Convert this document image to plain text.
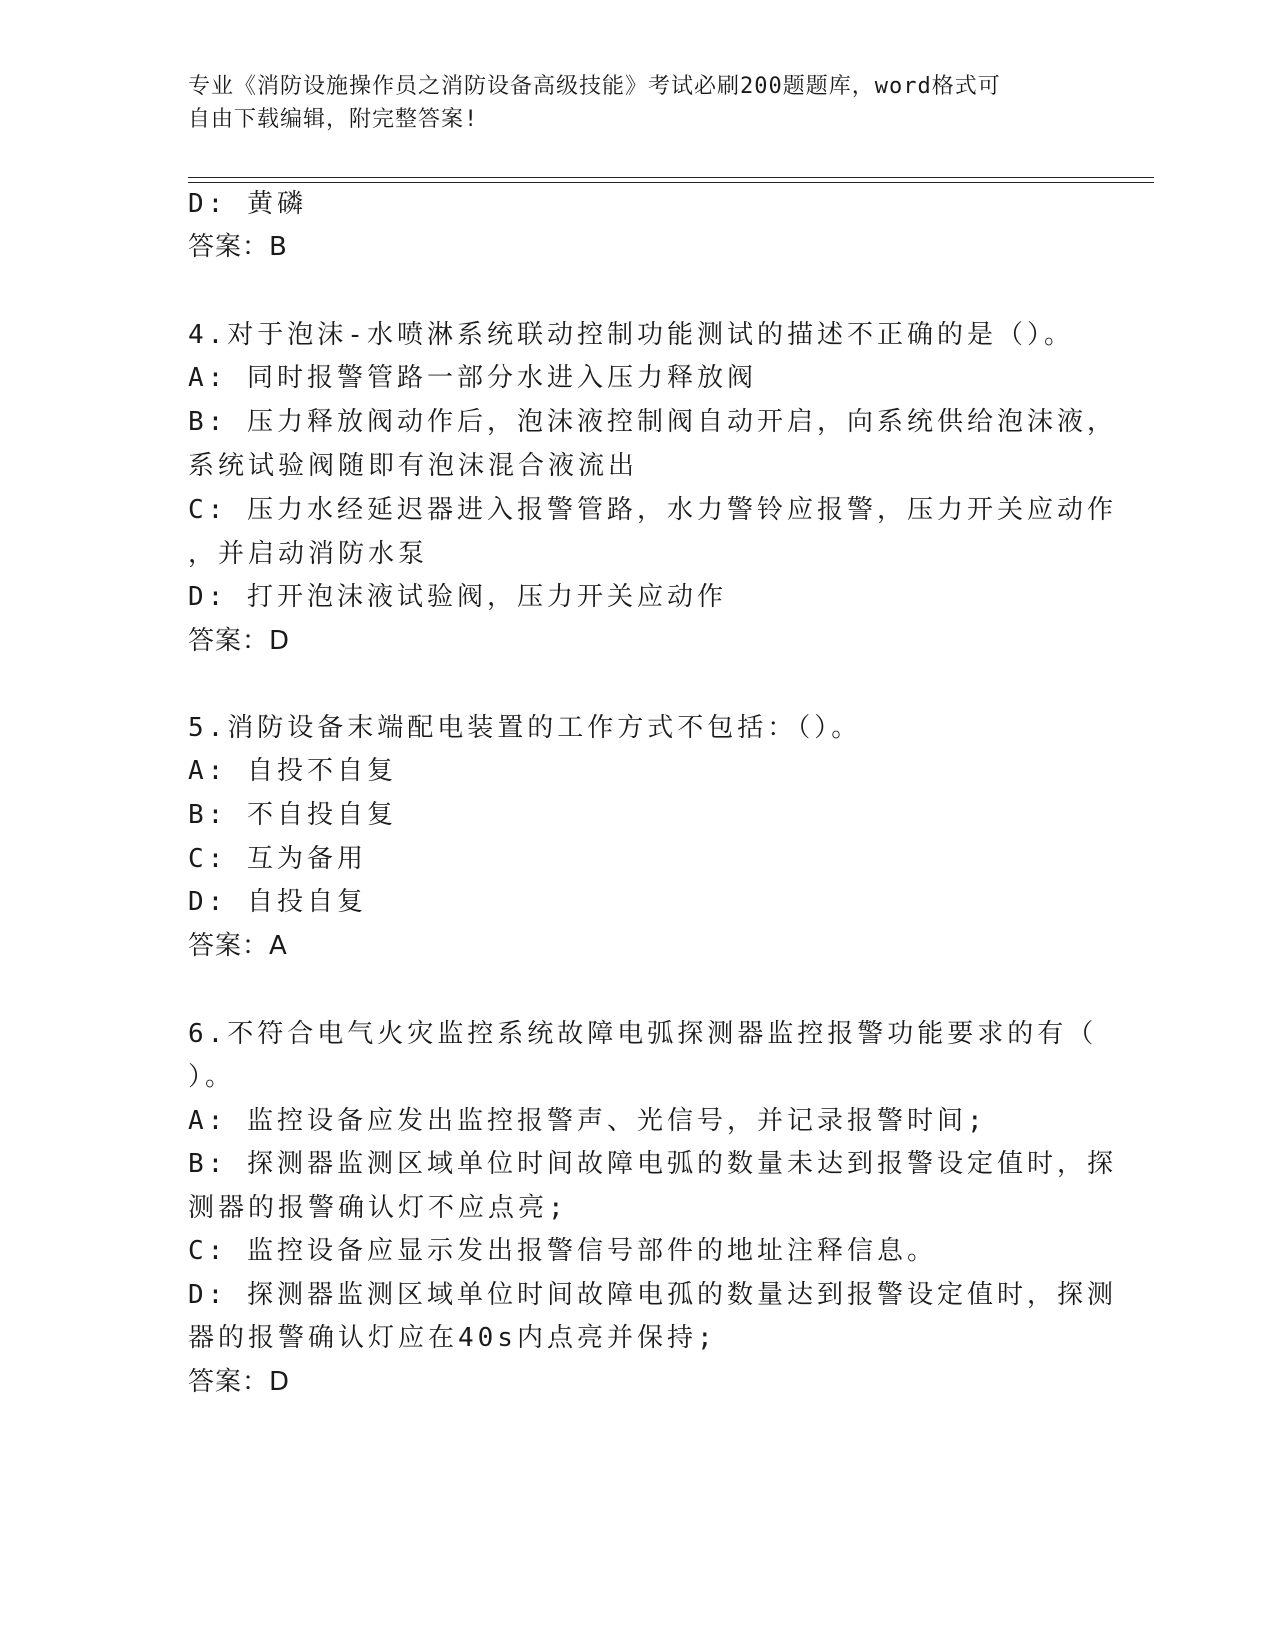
专业《消防设施操作员之消防设备高级技能》考试必刷200题题库，word格式可
自由下载编辑，附完整答案!
D: 黄磷
答案：B
4.对于泡沫-水喷淋系统联动控制功能测试的描述不正确的是（）。
A: 同时报警管路一部分水进入压力释放阀
B: 压力释放阀动作后，泡沫液控制阀自动开启，向系统供给泡沫液，
系统试验阀随即有泡沫混合液流出
C: 压力水经延迟器进入报警管路，水力警铃应报警，压力开关应动作
，并启动消防水泵
D: 打开泡沫液试验阀，压力开关应动作
答案：D
5.消防设备末端配电装置的工作方式不包括：（）。
A: 自投不自复
B: 不自投自复
C: 互为备用
D: 自投自复
答案：A
6.不符合电气火灾监控系统故障电弧探测器监控报警功能要求的有（
）。
A: 监控设备应发出监控报警声、光信号，并记录报警时间;
B: 探测器监测区域单位时间故障电弧的数量未达到报警设定值时，探
测器的报警确认灯不应点亮;
C: 监控设备应显示发出报警信号部件的地址注释信息。
D: 探测器监测区域单位时间故障电孤的数量达到报警设定值时，探测
器的报警确认灯应在40s内点亮并保持;
答案：D
